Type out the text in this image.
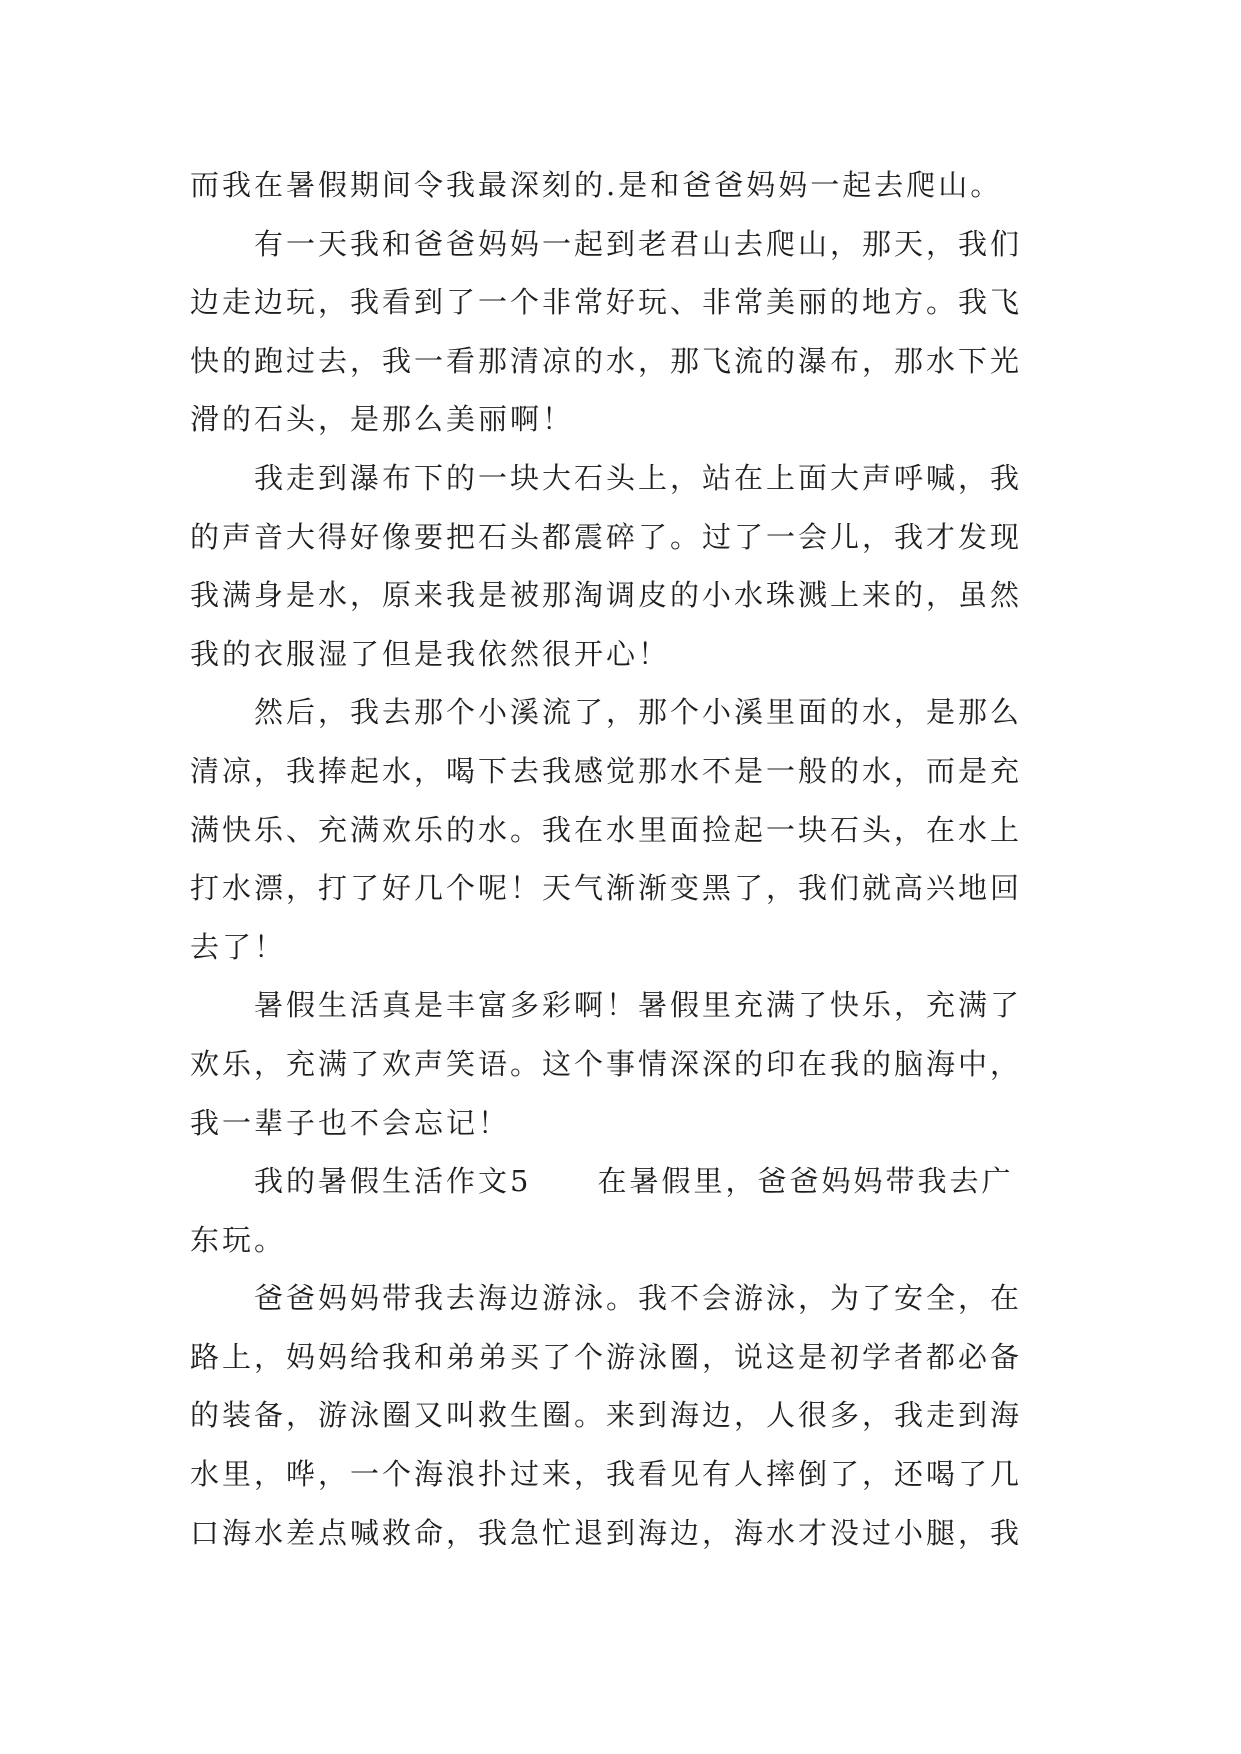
而我在暑假期间令我最深刻的.是和爸爸妈妈一起去爬山。
有一天我和爸爸妈妈一起到老君山去爬山，那天，我们
边走边玩，我看到了一个非常好玩、非常美丽的地方。我飞
快的跑过去，我一看那清凉的水，那飞流的瀑布，那水下光
滑的石头，是那么美丽啊！
我走到瀑布下的一块大石头上，站在上面大声呼喊，我
的声音大得好像要把石头都震碎了。过了一会儿，我才发现
我满身是水，原来我是被那淘调皮的小水珠溅上来的，虽然
我的衣服湿了但是我依然很开心！
然后，我去那个小溪流了，那个小溪里面的水，是那么
清凉，我捧起水，喝下去我感觉那水不是一般的水，而是充
满快乐、充满欢乐的水。我在水里面捡起一块石头，在水上
打水漂，打了好几个呢！天气渐渐变黑了，我们就高兴地回
去了！
暑假生活真是丰富多彩啊！暑假里充满了快乐，充满了
欢乐，充满了欢声笑语。这个事情深深的印在我的脑海中，
我一辈子也不会忘记！
我的暑假生活作文5 在暑假里，爸爸妈妈带我去广
东玩。
爸爸妈妈带我去海边游泳。我不会游泳，为了安全，在
路上，妈妈给我和弟弟买了个游泳圈，说这是初学者都必备
的装备，游泳圈又叫救生圈。来到海边，人很多，我走到海
水里，哗，一个海浪扑过来，我看见有人摔倒了，还喝了几
口海水差点喊救命，我急忙退到海边，海水才没过小腿，我
